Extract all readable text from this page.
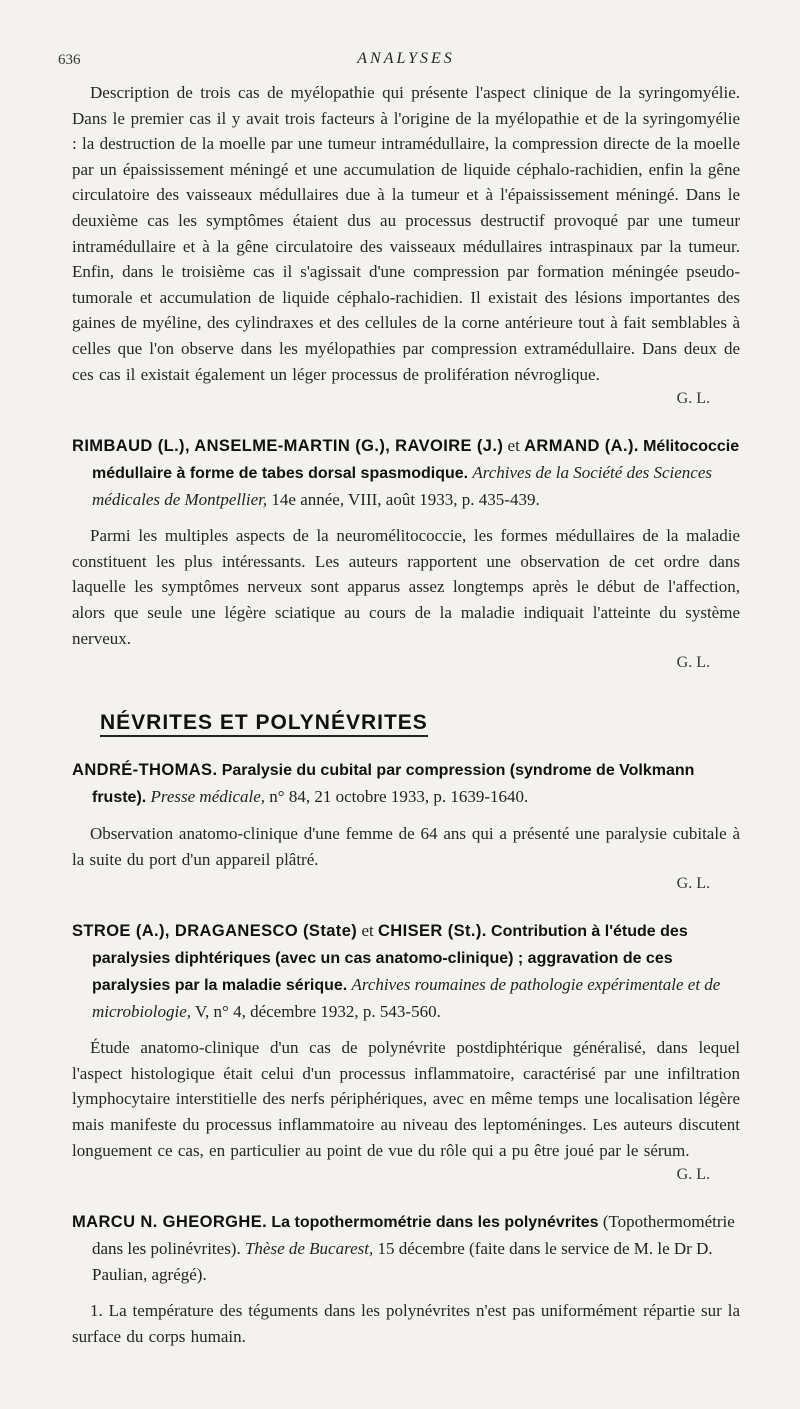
636	ANALYSES

Description de trois cas de myélopathie qui présente l'aspect clinique de la syringomyélie. Dans le premier cas il y avait trois facteurs à l'origine de la myélopathie et de la syringomyélie : la destruction de la moelle par une tumeur intramédullaire, la compression directe de la moelle par un épaississement méningé et une accumulation de liquide céphalo-rachidien, enfin la gêne circulatoire des vaisseaux médullaires due à la tumeur et à l'épaississement méningé. Dans le deuxième cas les symptômes étaient dus au processus destructif provoqué par une tumeur intramédullaire et à la gêne circulatoire des vaisseaux médullaires intraspinaux par la tumeur. Enfin, dans le troisième cas il s'agissait d'une compression par formation méningée pseudo-tumorale et accumulation de liquide céphalo-rachidien. Il existait des lésions importantes des gaines de myéline, des cylindraxes et des cellules de la corne antérieure tout à fait semblables à celles que l'on observe dans les myélopathies par compression extramédullaire. Dans deux de ces cas il existait également un léger processus de prolifération névroglique.

G. L.

RIMBAUD (L.), ANSELME-MARTIN (G.), RAVOIRE (J.) et ARMAND (A.). Mélitococcie médullaire à forme de tabes dorsal spasmodique. Archives de la Société des Sciences médicales de Montpellier, 14e année, VIII, août 1933, p. 435-439.

Parmi les multiples aspects de la neuromélitococcie, les formes médullaires de la maladie constituent les plus intéressants. Les auteurs rapportent une observation de cet ordre dans laquelle les symptômes nerveux sont apparus assez longtemps après le début de l'affection, alors que seule une légère sciatique au cours de la maladie indiquait l'atteinte du système nerveux.

G. L.

NÉVRITES ET POLYNÉVRITES

ANDRÉ-THOMAS. Paralysie du cubital par compression (syndrome de Volkmann fruste). Presse médicale, n° 84, 21 octobre 1933, p. 1639-1640.

Observation anatomo-clinique d'une femme de 64 ans qui a présenté une paralysie cubitale à la suite du port d'un appareil plâtré.

G. L.

STROE (A.), DRAGANESCO (State) et CHISER (St.). Contribution à l'étude des paralysies diphtériques (avec un cas anatomo-clinique) ; aggravation de ces paralysies par la maladie sérique. Archives roumaines de pathologie expérimentale et de microbiologie, V, n° 4, décembre 1932, p. 543-560.

Étude anatomo-clinique d'un cas de polynévrite postdiphtérique généralisé, dans lequel l'aspect histologique était celui d'un processus inflammatoire, caractérisé par une infiltration lymphocytaire interstitielle des nerfs périphériques, avec en même temps une localisation légère mais manifeste du processus inflammatoire au niveau des leptoméninges. Les auteurs discutent longuement ce cas, en particulier au point de vue du rôle qui a pu être joué par le sérum.

G. L.

MARCU N. GHEORGHE. La topothermométrie dans les polynévrites (Topothermométrie dans les polinévrites). Thèse de Bucarest, 15 décembre (faite dans le service de M. le Dr D. Paulian, agrégé).

1. La température des téguments dans les polynévrites n'est pas uniformément répartie sur la surface du corps humain.
